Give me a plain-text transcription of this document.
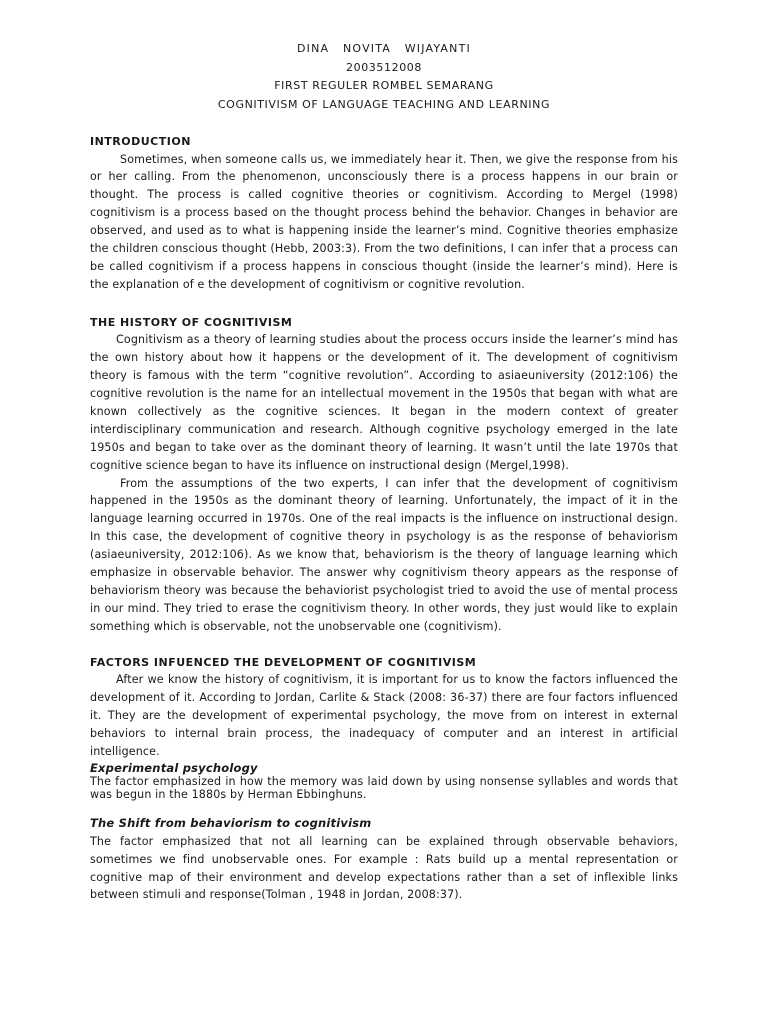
DINA NOVITA WIJAYANTI
2003512008
FIRST REGULER ROMBEL SEMARANG
COGNITIVISM OF LANGUAGE TEACHING AND LEARNING

INTRODUCTION

Sometimes, when someone calls us, we immediately hear it. Then, we give the response from his or her calling. From the phenomenon, unconsciously there is a process happens in our brain or thought. The process is called cognitive theories or cognitivism. According to Mergel (1998) cognitivism is a process based on the thought process behind the behavior. Changes in behavior are observed, and used as to what is happening inside the learner’s mind. Cognitive theories emphasize the children conscious thought (Hebb, 2003:3). From the two definitions, I can infer that a process can be called cognitivism if a process happens in conscious thought (inside the learner’s mind). Here is the explanation of e the development of cognitivism or cognitive revolution.

THE HISTORY OF COGNITIVISM

Cognitivism as a theory of learning studies about the process occurs inside the learner’s mind has the own history about how it happens or the development of it. The development of cognitivism theory is famous with the term “cognitive revolution”. According to asiaeuniversity (2012:106) the cognitive revolution is the name for an intellectual movement in the 1950s that began with what are known collectively as the cognitive sciences. It began in the modern context of greater interdisciplinary communication and research. Although cognitive psychology emerged in the late 1950s and began to take over as the dominant theory of learning. It wasn’t until the late 1970s that cognitive science began to have its influence on instructional design (Mergel,1998).

From the assumptions of the two experts, I can infer that the development of cognitivism happened in the 1950s as the dominant theory of learning. Unfortunately, the impact of it in the language learning occurred in 1970s. One of the real impacts is the influence on instructional design. In this case, the development of cognitive theory in psychology is as the response of behaviorism (asiaeuniversity, 2012:106). As we know that, behaviorism is the theory of language learning which emphasize in observable behavior. The answer why cognitivism theory appears as the response of behaviorism theory was because the behaviorist psychologist tried to avoid the use of mental process in our mind. They tried to erase the cognitivism theory. In other words, they just would like to explain something which is observable, not the unobservable one (cognitivism).

FACTORS INFUENCED THE DEVELOPMENT OF COGNITIVISM

After we know the history of cognitivism, it is important for us to know the factors influenced the development of it. According to Jordan, Carlite & Stack (2008: 36-37) there are four factors influenced it. They are the development of experimental psychology, the move from on interest in external behaviors to internal brain process, the inadequacy of computer and an interest in artificial intelligence.

Experimental psychology

The factor emphasized in how the memory was laid down by using nonsense syllables and words that was begun in the 1880s by Herman Ebbinghuns.

The Shift from behaviorism to cognitivism

The factor emphasized that not all learning can be explained through observable behaviors, sometimes we find unobservable ones. For example : Rats build up a mental representation or cognitive map of their environment and develop expectations rather than a set of inflexible links between stimuli and response(Tolman , 1948 in Jordan, 2008:37).
